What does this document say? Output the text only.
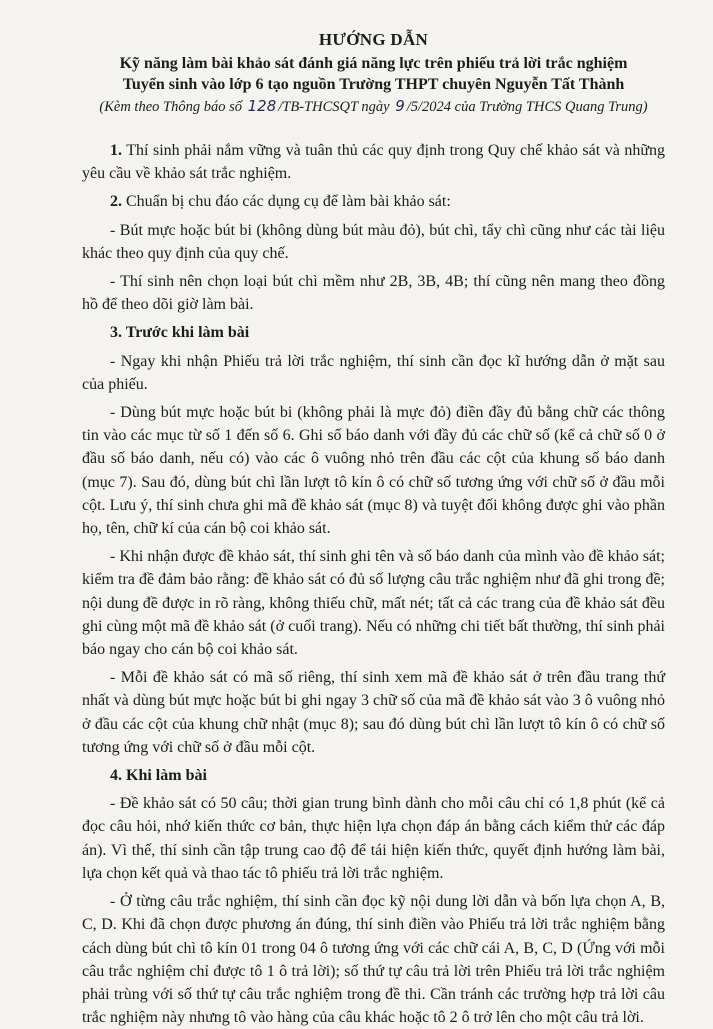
HƯỚNG DẪN
Kỹ năng làm bài khảo sát đánh giá năng lực trên phiếu trả lời trắc nghiệm
Tuyển sinh vào lớp 6 tạo nguồn Trường THPT chuyên Nguyễn Tất Thành
(Kèm theo Thông báo số 128 /TB-THCSQT ngày 9 /5/2024 của Trường THCS Quang Trung)

1. Thí sinh phải nắm vững và tuân thủ các quy định trong Quy chế khảo sát và những yêu cầu về khảo sát trắc nghiệm.

2. Chuẩn bị chu đáo các dụng cụ để làm bài khảo sát:

- Bút mực hoặc bút bi (không dùng bút màu đỏ), bút chì, tẩy chì cũng như các tài liệu khác theo quy định của quy chế.

- Thí sinh nên chọn loại bút chì mềm như 2B, 3B, 4B; thí cũng nên mang theo đồng hồ để theo dõi giờ làm bài.

3. Trước khi làm bài

- Ngay khi nhận Phiếu trả lời trắc nghiệm, thí sinh cần đọc kĩ hướng dẫn ở mặt sau của phiếu.

- Dùng bút mực hoặc bút bi (không phải là mực đỏ) điền đầy đủ bằng chữ các thông tin vào các mục từ số 1 đến số 6. Ghi số báo danh với đầy đủ các chữ số (kể cả chữ số 0 ở đầu số báo danh, nếu có) vào các ô vuông nhỏ trên đầu các cột của khung số báo danh (mục 7). Sau đó, dùng bút chì lần lượt tô kín ô có chữ số tương ứng với chữ số ở đầu mỗi cột. Lưu ý, thí sinh chưa ghi mã đề khảo sát (mục 8) và tuyệt đối không được ghi vào phần họ, tên, chữ kí của cán bộ coi khảo sát.

- Khi nhận được đề khảo sát, thí sinh ghi tên và số báo danh của mình vào đề khảo sát; kiểm tra đề đảm bảo rằng: đề khảo sát có đủ số lượng câu trắc nghiệm như đã ghi trong đề; nội dung đề được in rõ ràng, không thiếu chữ, mất nét; tất cả các trang của đề khảo sát đều ghi cùng một mã đề khảo sát (ở cuối trang). Nếu có những chi tiết bất thường, thí sinh phải báo ngay cho cán bộ coi khảo sát.

- Mỗi đề khảo sát có mã số riêng, thí sinh xem mã đề khảo sát ở trên đầu trang thứ nhất và dùng bút mực hoặc bút bi ghi ngay 3 chữ số của mã đề khảo sát vào 3 ô vuông nhỏ ở đầu các cột của khung chữ nhật (mục 8); sau đó dùng bút chì lần lượt tô kín ô có chữ số tương ứng với chữ số ở đầu mỗi cột.

4. Khi làm bài

- Đề khảo sát có 50 câu; thời gian trung bình dành cho mỗi câu chỉ có 1,8 phút (kể cả đọc câu hỏi, nhớ kiến thức cơ bản, thực hiện lựa chọn đáp án bằng cách kiểm thử các đáp án). Vì thế, thí sinh cần tập trung cao độ để tái hiện kiến thức, quyết định hướng làm bài, lựa chọn kết quả và thao tác tô phiếu trả lời trắc nghiệm.

- Ở từng câu trắc nghiệm, thí sinh cần đọc kỹ nội dung lời dẫn và bốn lựa chọn A, B, C, D. Khi đã chọn được phương án đúng, thí sinh điền vào Phiếu trả lời trắc nghiệm bằng cách dùng bút chì tô kín 01 trong 04 ô tương ứng với các chữ cái A, B, C, D (Ứng với mỗi câu trắc nghiệm chỉ được tô 1 ô trả lời); số thứ tự câu trả lời trên Phiếu trả lời trắc nghiệm phải trùng với số thứ tự câu trắc nghiệm trong đề thi. Cần tránh các trường hợp trả lời câu trắc nghiệm này nhưng tô vào hàng của câu khác hoặc tô 2 ô trở lên cho một câu trả lời.
